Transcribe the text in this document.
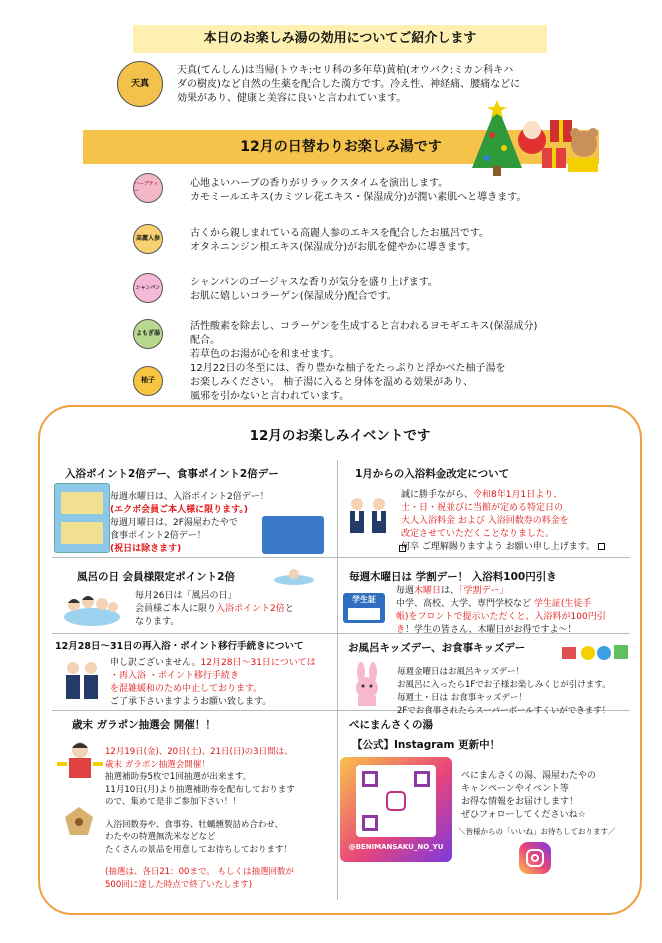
本日のお楽しみ湯の効用についてご紹介します
天真
天真(てんしん)は当帰(トウキ:セリ科の多年草)黄柏(オウバク:ミカン科キハ
ダの樹皮)など自然の生薬を配合した漢方です。冷え性、神経痛、腰痛などに
効果があり、健康と美容に良いと言われています。
12月の日替わりお楽しみ湯です
ハーブティー
心地よいハーブの香りがリラックスタイムを演出します。
カモミールエキス(カミツレ花エキス・保湿成分)が潤い素肌へと導きます。
高麗人参	古くから親しまれている高麗人参のエキスを配合したお風呂です。
オタネニンジン根エキス(保湿成分)がお肌を健やかに導きます。
シャンパン	シャンパンのゴージャスな香りが気分を盛り上げます。
お肌に嬉しいコラーゲン(保湿成分)配合です。
よもぎ湯
活性酸素を除去し、コラーゲンを生成すると言われるヨモギエキス(保湿成分)
配合。
若草色のお湯が心を和ませます。
柚子
12月22日の冬至には、香り豊かな柚子をたっぷりと浮かべた柚子湯を
お楽しみください。 柚子湯に入ると身体を温める効果があり、
風邪を引かないと言われています。
12月のお楽しみイベントです
入浴ポイント2倍デー、食事ポイント2倍デー
毎週水曜日は、入浴ポイント2倍デー！
(エクボ会員ご本人様に限ります。)
毎週月曜日は、2F湯屋わたやで
食事ポイント2倍デー！
(祝日は除きます)
1月からの入浴料金改定について
誠に勝手ながら、令和8年1月1日より、
土・日・祝並びに当館が定める特定日の
大人入浴料金 および 入浴回数券の料金を
改定させていただくことなりました。
何卒 ご理解賜りますよう お願い申し上げます。
風呂の日 会員様限定ポイント2倍
毎月26日は「風呂の日」
会員様ご本人に限り入浴ポイント2倍と
なります。
毎週木曜日は 学割デー！ 入浴料100円引き
学生証
毎週木曜日は、「学割デー」
中学、高校、大学、専門学校など 学生証(生徒手
帳)をフロントで提示いただくと、入浴料が100円引
き！学生の皆さん、木曜日がお得ですよ～！
12月28日～31日の再入浴・ポイント移行手続きについて
申し訳ございません。12月28日～31日については
・再入浴 ・ポイント移行手続き
を混雑緩和のため中止しております。
ご了承下さいますようお願い致します。
お風呂キッズデー、お食事キッズデー
毎週金曜日はお風呂キッズデー！
お風呂に入ったら1Fでお子様お楽しみくじが引けます。
毎週土・日は お食事キッズデー！
2Fでお食事されたらスーパーボールすくいができます！
歳末 ガラポン抽選会 開催！！
12月19日(金)、20日(土)、21日(日)の3日間は、
歳末 ガラポン抽選会開催！
抽選補助券5枚で1回抽選が出来ます。
11月10日(月)より抽選補助券を配布しております
ので、集めて是非ご参加下さい！！
入浴回数券や、食事券、牡蠣燻製詰め合わせ、
わたやの特選無洗米などなど
たくさんの景品を用意してお待ちしております！
(抽選は、各日21：00まで。 もしくは抽選回数が
500回に達した時点で終了いたします)
べにまんさくの湯
【公式】Instagram 更新中！
@BENIMANSAKU_NO_YU
べにまんさくの湯、湯屋わたやの
キャンペーンやイベント等
お得な情報をお届けします！
ぜひフォローしてくださいね☆
＼皆様からの「いいね」お待ちしております／
